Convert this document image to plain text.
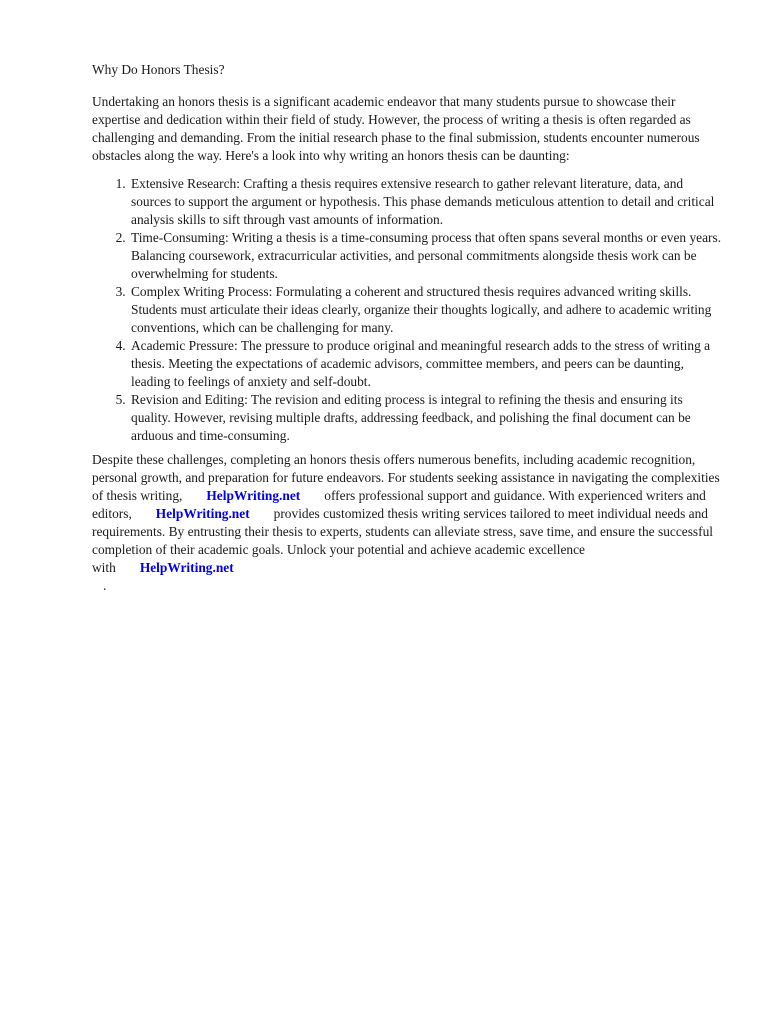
Why Do Honors Thesis?

Undertaking an honors thesis is a significant academic endeavor that many students pursue to showcase their expertise and dedication within their field of study. However, the process of writing a thesis is often regarded as challenging and demanding. From the initial research phase to the final submission, students encounter numerous obstacles along the way. Here's a look into why writing an honors thesis can be daunting:

1. Extensive Research: Crafting a thesis requires extensive research to gather relevant literature, data, and sources to support the argument or hypothesis. This phase demands meticulous attention to detail and critical analysis skills to sift through vast amounts of information.
2. Time-Consuming: Writing a thesis is a time-consuming process that often spans several months or even years. Balancing coursework, extracurricular activities, and personal commitments alongside thesis work can be overwhelming for students.
3. Complex Writing Process: Formulating a coherent and structured thesis requires advanced writing skills. Students must articulate their ideas clearly, organize their thoughts logically, and adhere to academic writing conventions, which can be challenging for many.
4. Academic Pressure: The pressure to produce original and meaningful research adds to the stress of writing a thesis. Meeting the expectations of academic advisors, committee members, and peers can be daunting, leading to feelings of anxiety and self-doubt.
5. Revision and Editing: The revision and editing process is integral to refining the thesis and ensuring its quality. However, revising multiple drafts, addressing feedback, and polishing the final document can be arduous and time-consuming.

Despite these challenges, completing an honors thesis offers numerous benefits, including academic recognition, personal growth, and preparation for future endeavors. For students seeking assistance in navigating the complexities of thesis writing, HelpWriting.net offers professional support and guidance. With experienced writers and editors, HelpWriting.net provides customized thesis writing services tailored to meet individual needs and requirements. By entrusting their thesis to experts, students can alleviate stress, save time, and ensure the successful completion of their academic goals. Unlock your potential and achieve academic excellence with HelpWriting.net
.
